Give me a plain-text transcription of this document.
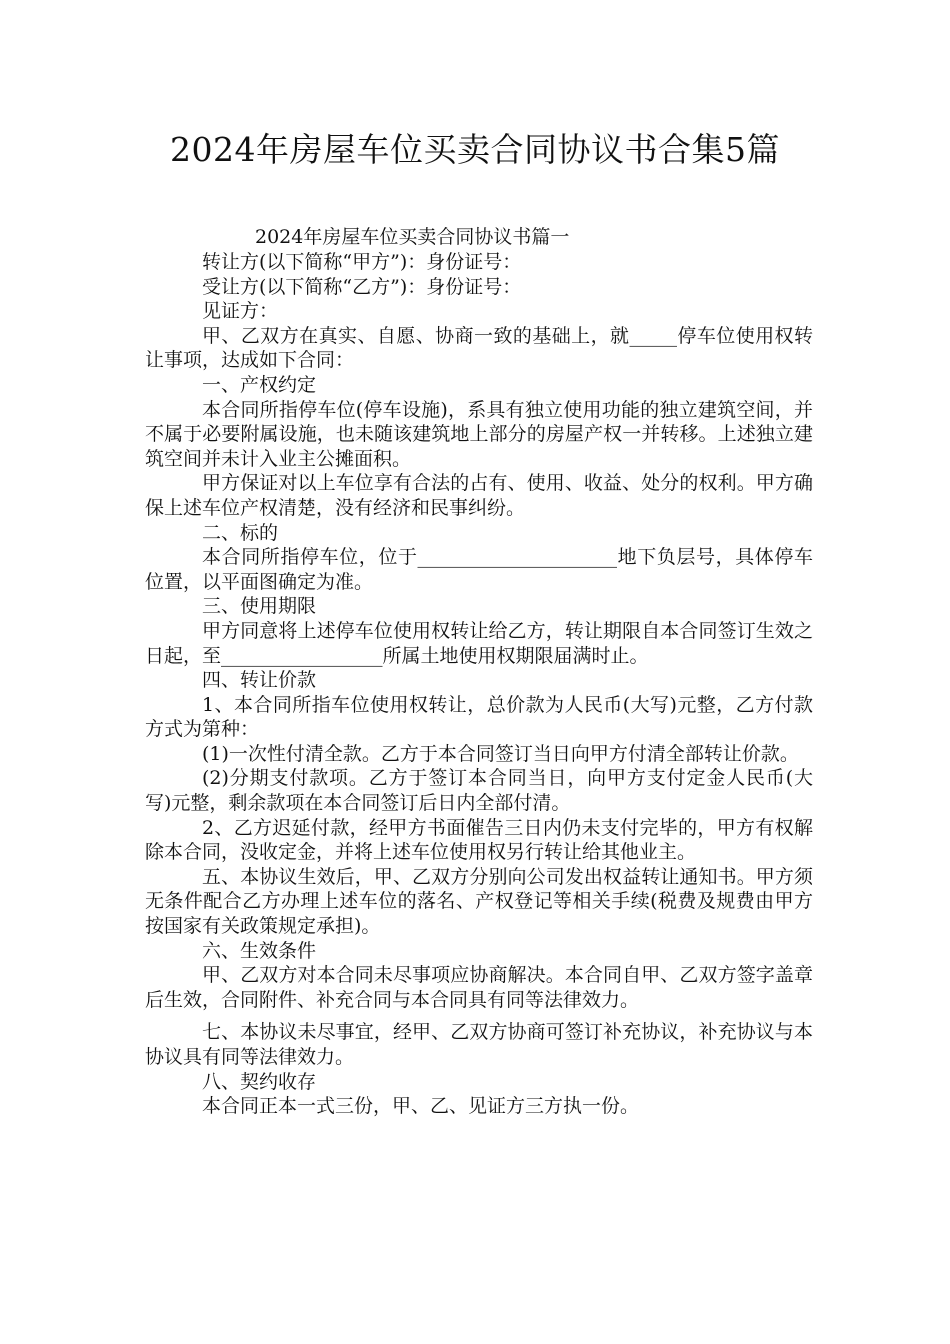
2024年房屋车位买卖合同协议书合集5篇
2024年房屋车位买卖合同协议书篇一

转让方(以下简称“甲方”)：身份证号：

受让方(以下简称“乙方”)：身份证号：

见证方：

甲、乙双方在真实、自愿、协商一致的基础上，就_____停车位使用权转让事项，达成如下合同：

一、产权约定

本合同所指停车位(停车设施)，系具有独立使用功能的独立建筑空间，并不属于必要附属设施，也未随该建筑地上部分的房屋产权一并转移。上述独立建筑空间并未计入业主公摊面积。

甲方保证对以上车位享有合法的占有、使用、收益、处分的权利。甲方确保上述车位产权清楚，没有经济和民事纠纷。

二、标的

本合同所指停车位，位于_____________________地下负层号，具体停车位置，以平面图确定为准。

三、使用期限

甲方同意将上述停车位使用权转让给乙方，转让期限自本合同签订生效之日起，至_________________所属土地使用权期限届满时止。

四、转让价款

1、本合同所指车位使用权转让，总价款为人民币(大写)元整，乙方付款方式为第种：

(1)一次性付清全款。乙方于本合同签订当日向甲方付清全部转让价款。

(2)分期支付款项。乙方于签订本合同当日，向甲方支付定金人民币(大写)元整，剩余款项在本合同签订后日内全部付清。

2、乙方迟延付款，经甲方书面催告三日内仍未支付完毕的，甲方有权解除本合同，没收定金，并将上述车位使用权另行转让给其他业主。

五、本协议生效后，甲、乙双方分别向公司发出权益转让通知书。甲方须无条件配合乙方办理上述车位的落名、产权登记等相关手续(税费及规费由甲方按国家有关政策规定承担)。

六、生效条件

甲、乙双方对本合同未尽事项应协商解决。本合同自甲、乙双方签字盖章后生效，合同附件、补充合同与本合同具有同等法律效力。

七、本协议未尽事宜，经甲、乙双方协商可签订补充协议，补充协议与本协议具有同等法律效力。

八、契约收存

本合同正本一式三份，甲、乙、见证方三方执一份。
